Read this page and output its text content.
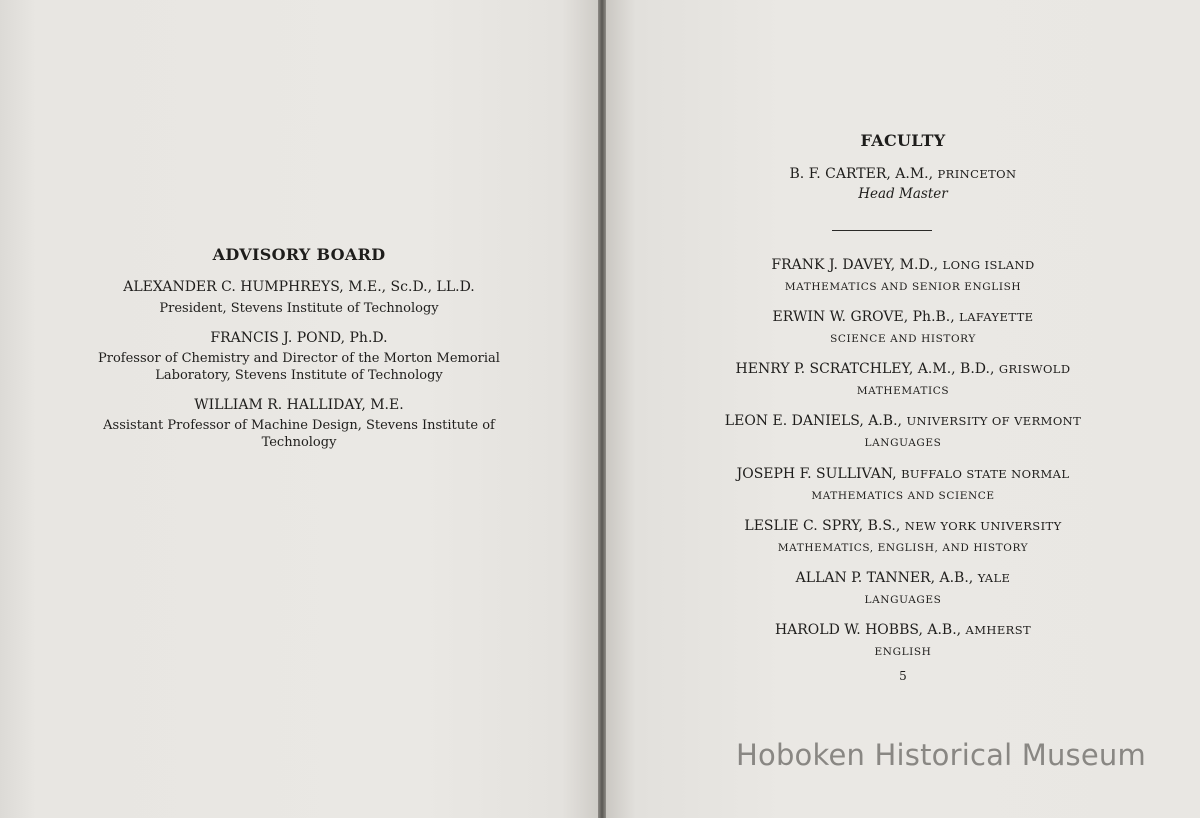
ADVISORY BOARD
ALEXANDER C. HUMPHREYS, M.E., Sc.D., LL.D.
President, Stevens Institute of Technology
FRANCIS J. POND, Ph.D.
Professor of Chemistry and Director of the Morton Memorial
Laboratory, Stevens Institute of Technology
WILLIAM R. HALLIDAY, M.E.
Assistant Professor of Machine Design, Stevens Institute of
Technology
FACULTY
B. F. CARTER, A.M., PRINCETON
Head Master
FRANK J. DAVEY, M.D., LONG ISLAND
MATHEMATICS AND SENIOR ENGLISH
ERWIN W. GROVE, Ph.B., LAFAYETTE
SCIENCE AND HISTORY
HENRY P. SCRATCHLEY, A.M., B.D., GRISWOLD
MATHEMATICS
LEON E. DANIELS, A.B., UNIVERSITY OF VERMONT
LANGUAGES
JOSEPH F. SULLIVAN, BUFFALO STATE NORMAL
MATHEMATICS AND SCIENCE
LESLIE C. SPRY, B.S., NEW YORK UNIVERSITY
MATHEMATICS, ENGLISH, AND HISTORY
ALLAN P. TANNER, A.B., YALE
LANGUAGES
HAROLD W. HOBBS, A.B., AMHERST
ENGLISH
5
Hoboken Historical Museum
